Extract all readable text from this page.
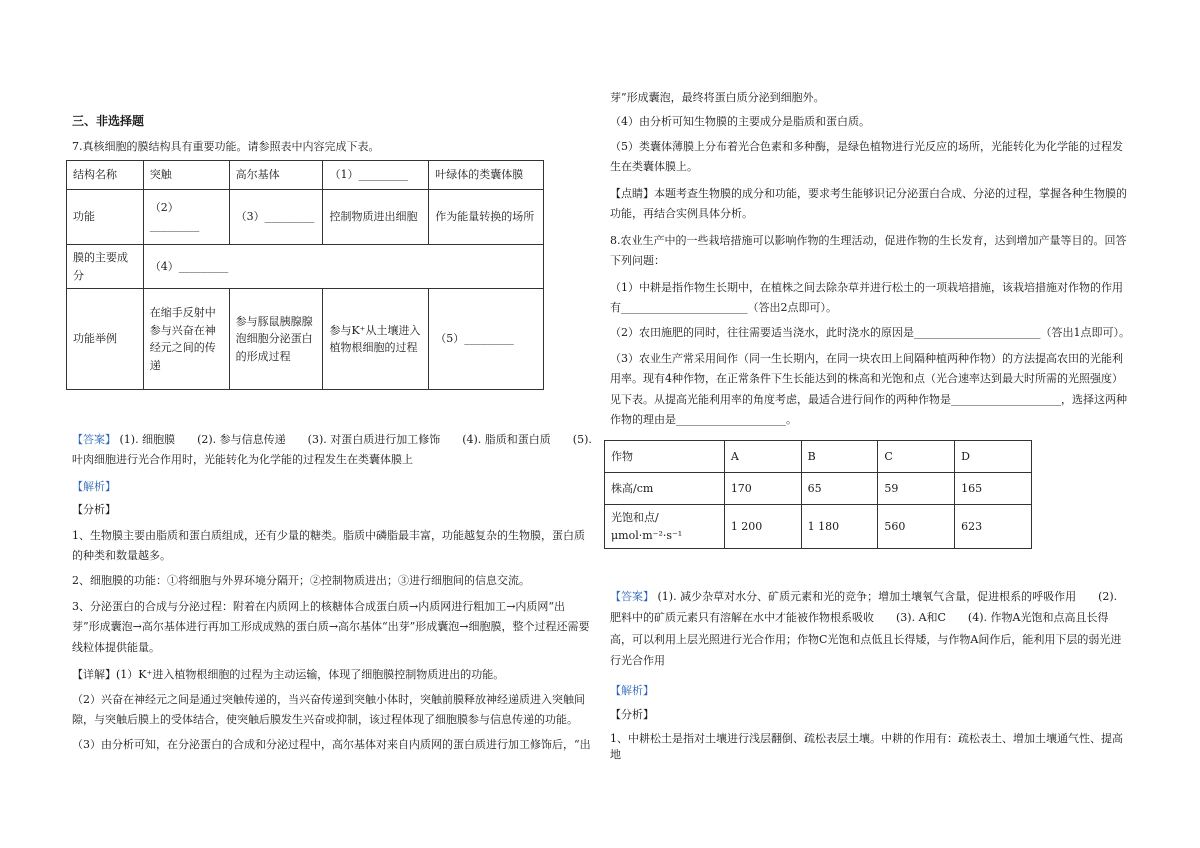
三、非选择题
7.真核细胞的膜结构具有重要功能。请参照表中内容完成下表。
结构名称	突触	高尔基体	（1）_________	叶绿体的类囊体膜
功能	（2）_________	（3）_________	控制物质进出细胞	作为能量转换的场所
膜的主要成分	（4）_________			
功能举例	在缩手反射中参与兴奋在神经元之间的传递	参与豚鼠胰腺腺泡细胞分泌蛋白的形成过程	参与K⁺从土壤进入植物根细胞的过程	（5）_________
【答案】 (1). 细胞膜　　(2). 参与信息传递　　(3). 对蛋白质进行加工修饰　　(4). 脂质和蛋白质　　(5). 叶肉细胞进行光合作用时，光能转化为化学能的过程发生在类囊体膜上
【解析】
【分析】
1、生物膜主要由脂质和蛋白质组成，还有少量的糖类。脂质中磷脂最丰富，功能越复杂的生物膜，蛋白质的种类和数量越多。
2、细胞膜的功能：①将细胞与外界环境分隔开；②控制物质进出；③进行细胞间的信息交流。
3、分泌蛋白的合成与分泌过程：附着在内质网上的核糖体合成蛋白质→内质网进行粗加工→内质网“出芽”形成囊泡→高尔基体进行再加工形成成熟的蛋白质→高尔基体“出芽”形成囊泡→细胞膜，整个过程还需要线粒体提供能量。
【详解】(1）K⁺进入植物根细胞的过程为主动运输，体现了细胞膜控制物质进出的功能。
（2）兴奋在神经元之间是通过突触传递的，当兴奋传递到突触小体时，突触前膜释放神经递质进入突触间隙，与突触后膜上的受体结合，使突触后膜发生兴奋或抑制，该过程体现了细胞膜参与信息传递的功能。
（3）由分析可知，在分泌蛋白的合成和分泌过程中，高尔基体对来自内质网的蛋白质进行加工修饰后，“出
芽”形成囊泡，最终将蛋白质分泌到细胞外。
（4）由分析可知生物膜的主要成分是脂质和蛋白质。
（5）类囊体薄膜上分布着光合色素和多种酶，是绿色植物进行光反应的场所，光能转化为化学能的过程发生在类囊体膜上。
【点睛】本题考查生物膜的成分和功能，要求考生能够识记分泌蛋白合成、分泌的过程，掌握各种生物膜的功能，再结合实例具体分析。
8.农业生产中的一些栽培措施可以影响作物的生理活动，促进作物的生长发育，达到增加产量等目的。回答下列问题：
（1）中耕是指作物生长期中，在植株之间去除杂草并进行松土的一项栽培措施，该栽培措施对作物的作用有_______________________（答出2点即可）。
（2）农田施肥的同时，往往需要适当浇水，此时浇水的原因是_______________________（答出1点即可）。
（3）农业生产常采用间作（同一生长期内，在同一块农田上间隔种植两种作物）的方法提高农田的光能利用率。现有4种作物，在正常条件下生长能达到的株高和光饱和点（光合速率达到最大时所需的光照强度）见下表。从提高光能利用率的角度考虑，最适合进行间作的两种作物是____________________，选择这两种作物的理由是____________________。
作物	A	B	C	D
株高/cm	170	65	59	165
光饱和点/μmol·m⁻²·s⁻¹	1 200	1 180	560	623
【答案】 (1). 减少杂草对水分、矿质元素和光的竞争；增加土壤氧气含量，促进根系的呼吸作用　　(2). 肥料中的矿质元素只有溶解在水中才能被作物根系吸收　　(3). A和C　　(4). 作物A光饱和点高且长得高，可以利用上层光照进行光合作用；作物C光饱和点低且长得矮，与作物A间作后，能利用下层的弱光进行光合作用
【解析】
【分析】
1、中耕松土是指对土壤进行浅层翻倒、疏松表层土壤。中耕的作用有：疏松表土、增加土壤通气性、提高地
